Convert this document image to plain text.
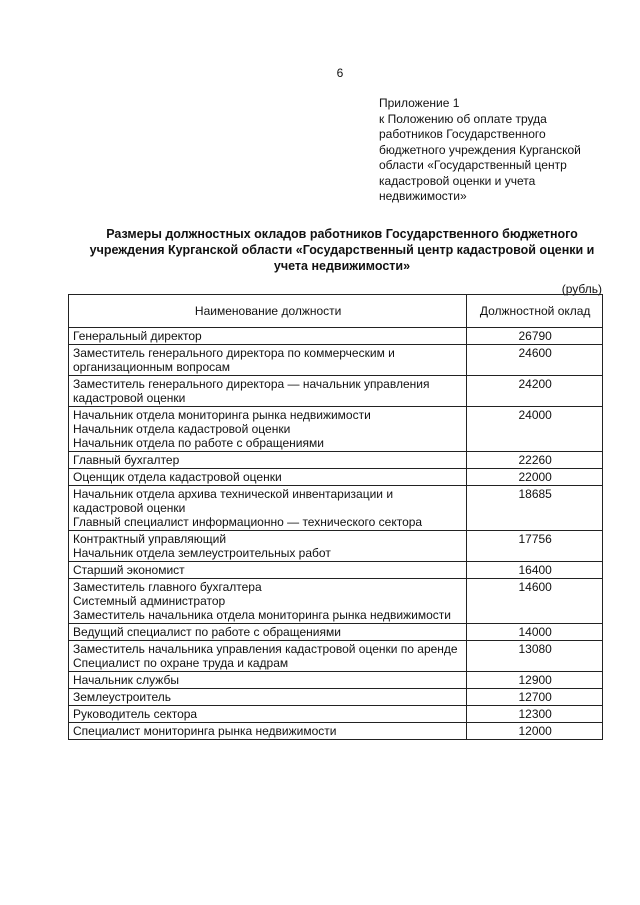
6
Приложение 1
к Положению об оплате труда
работников Государственного
бюджетного учреждения Курганской
области «Государственный центр
кадастровой оценки и учета
недвижимости»
Размеры должностных окладов работников Государственного бюджетного
учреждения Курганской области «Государственный центр кадастровой оценки и
учета недвижимости»
(рубль)
Наименование должности	Должностной оклад

Генеральный директор	26790

Заместитель генерального директора по коммерческим и организационным вопросам	24600

Заместитель генерального директора — начальник управления кадастровой оценки	24200

Начальник отдела мониторинга рынка недвижимости
Начальник отдела кадастровой оценки
Начальник отдела по работе с обращениями	24000

Главный бухгалтер	22260

Оценщик отдела кадастровой оценки	22000

Начальник отдела архива технической инвентаризации и кадастровой оценки
Главный специалист информационно — технического сектора	18685

Контрактный управляющий
Начальник отдела землеустроительных работ	17756

Старший экономист	16400

Заместитель главного бухгалтера
Системный администратор
Заместитель начальника отдела мониторинга рынка недвижимости	14600

Ведущий специалист по работе с обращениями	14000

Заместитель начальника управления кадастровой оценки по аренде
Специалист по охране труда и кадрам	13080

Начальник службы	12900

Землеустроитель	12700

Руководитель сектора	12300

Специалист мониторинга рынка недвижимости	12000
